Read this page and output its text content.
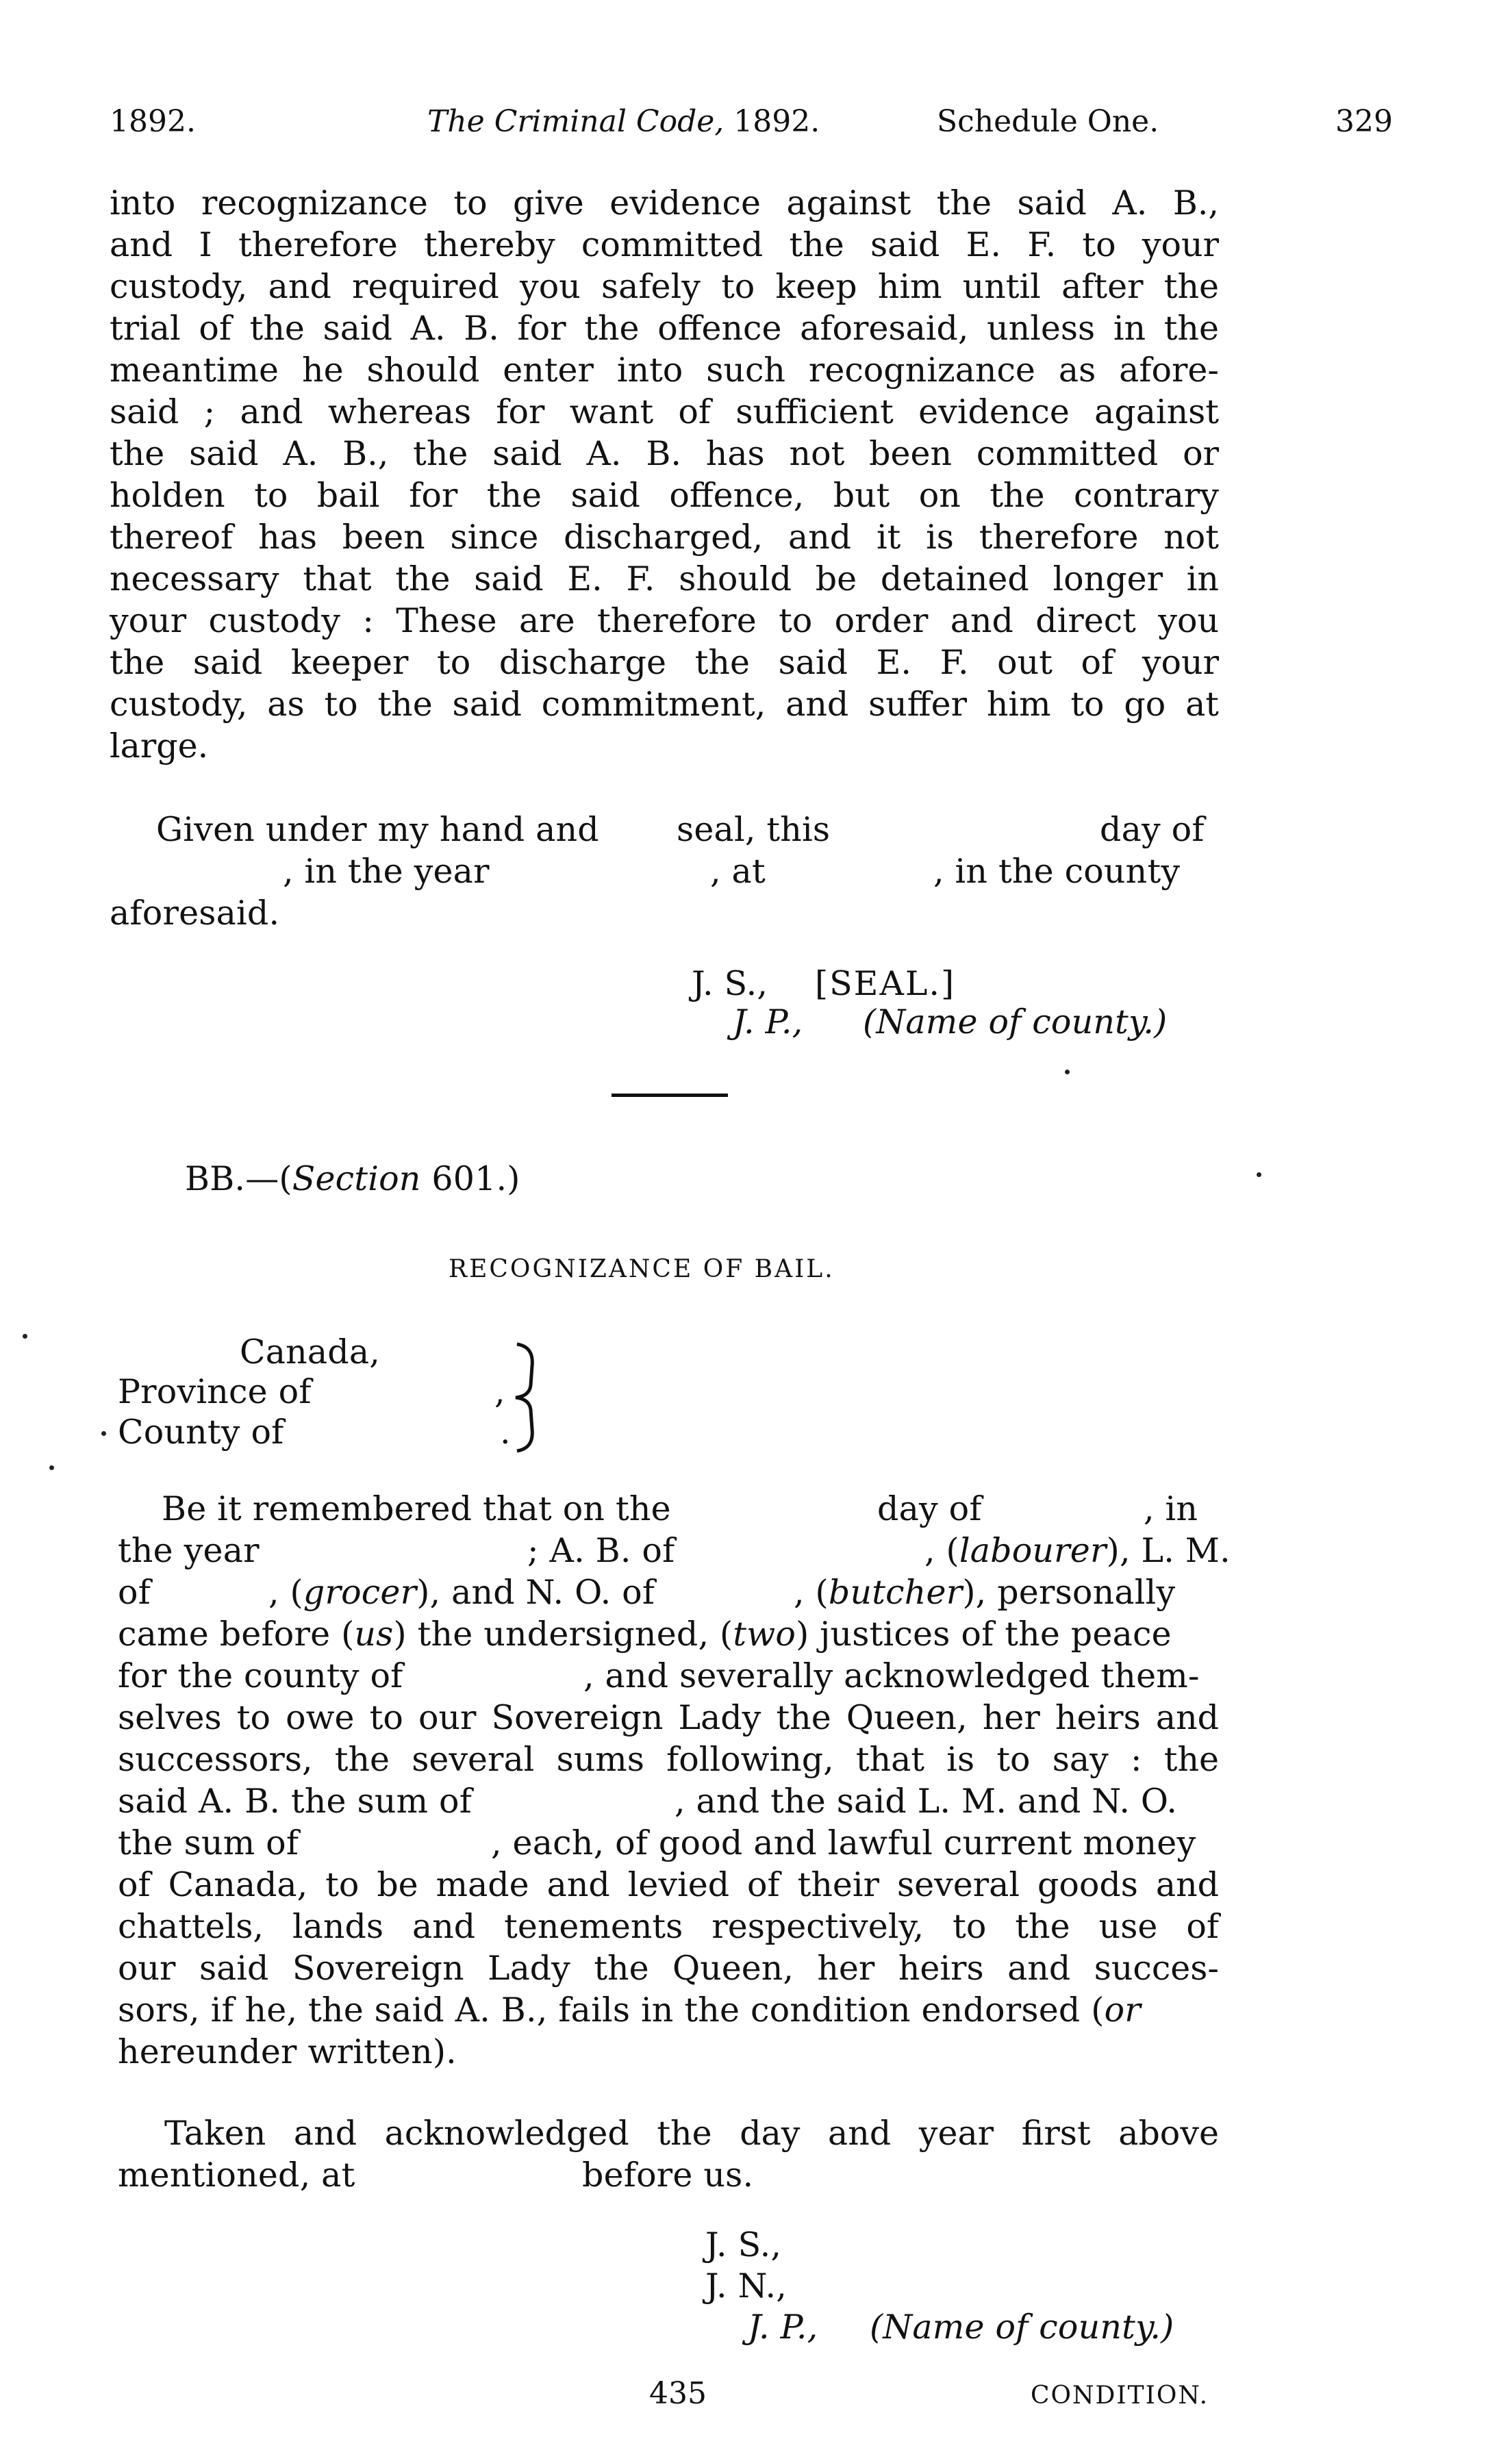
1892.	The Criminal Code, 1892.	Schedule One.	329
into recognizance to give evidence against the said A. B.,
and I therefore thereby committed the said E. F. to your
custody, and required you safely to keep him until after the
trial of the said A. B. for the offence aforesaid, unless in the
meantime he should enter into such recognizance as afore-
said ; and whereas for want of sufficient evidence against
the said A. B., the said A. B. has not been committed or
holden to bail for the said offence, but on the contrary
thereof has been since discharged, and it is therefore not
necessary that the said E. F. should be detained longer in
your custody : These are therefore to order and direct you
the said keeper to discharge the said E. F. out of your
custody, as to the said commitment, and suffer him to go at
large.
Given under my hand and seal, this	day of
, in the year	, at	, in the county
aforesaid.
J. S., [SEAL.]
J. P., (Name of county.)
BB.—(Section 601.)
RECOGNIZANCE OF BAIL.
Canada,
Province of	,
County of	.
Be it remembered that on the	day of	, in
the year	; A. B. of	, (labourer), L. M.
of	, (grocer), and N. O. of	, (butcher), personally
came before (us) the undersigned, (two) justices of the peace
for the county of	, and severally acknowledged them-
selves to owe to our Sovereign Lady the Queen, her heirs and
successors, the several sums following, that is to say : the
said A. B. the sum of	, and the said L. M. and N. O.
the sum of	, each, of good and lawful current money
of Canada, to be made and levied of their several goods and
chattels, lands and tenements respectively, to the use of
our said Sovereign Lady the Queen, her heirs and succes-
sors, if he, the said A. B., fails in the condition endorsed (or
hereunder written).
Taken and acknowledged the day and year first above
mentioned, at	before us.
J. S.,
J. N.,
J. P., (Name of county.)
435	CONDITION.
